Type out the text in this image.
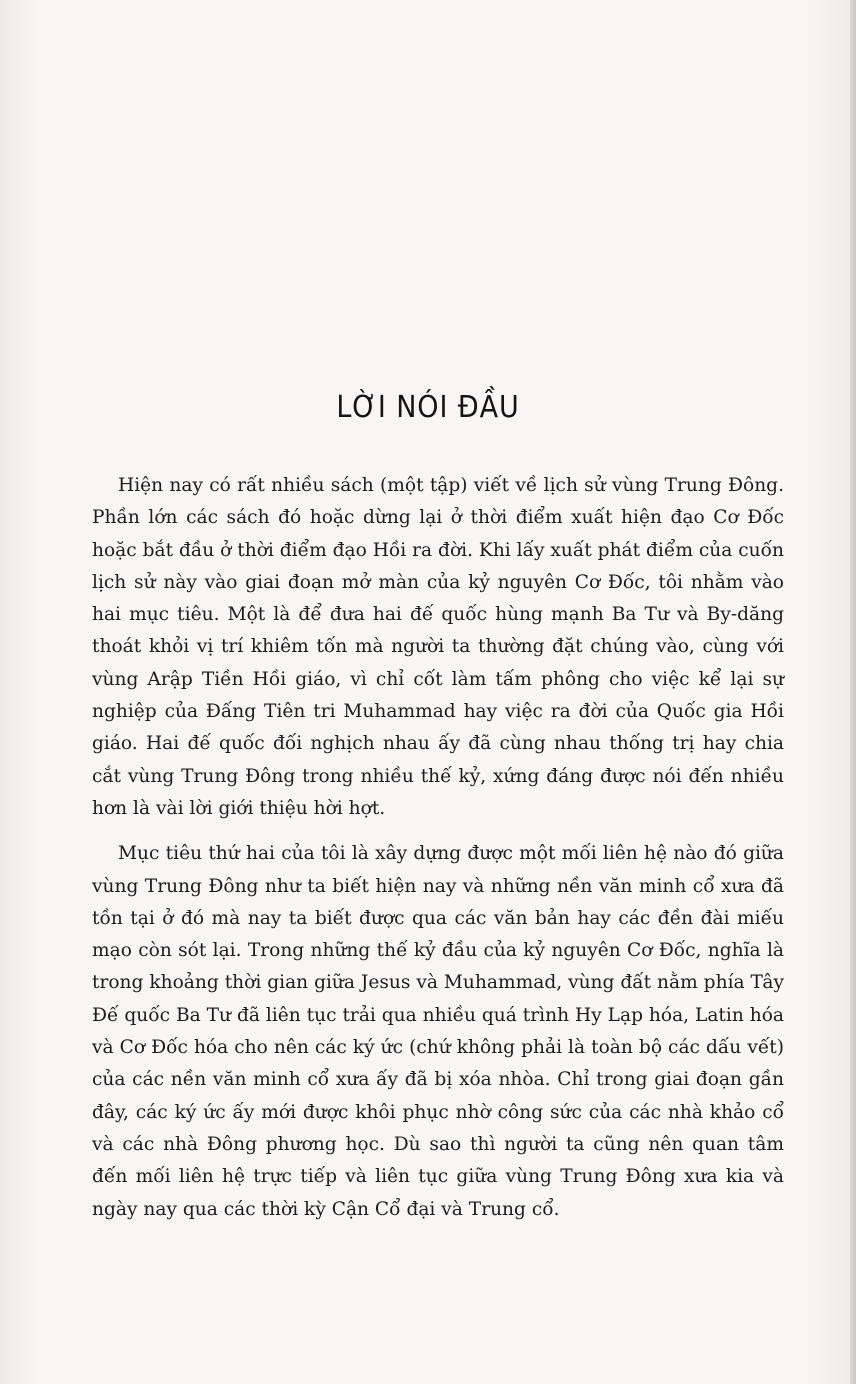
LỜI NÓI ĐẦU

Hiện nay có rất nhiều sách (một tập) viết về lịch sử vùng Trung Đông. Phần lớn các sách đó hoặc dừng lại ở thời điểm xuất hiện đạo Cơ Đốc hoặc bắt đầu ở thời điểm đạo Hồi ra đời. Khi lấy xuất phát điểm của cuốn lịch sử này vào giai đoạn mở màn của kỷ nguyên Cơ Đốc, tôi nhằm vào hai mục tiêu. Một là để đưa hai đế quốc hùng mạnh Ba Tư và By-dăng thoát khỏi vị trí khiêm tốn mà người ta thường đặt chúng vào, cùng với vùng Arập Tiền Hồi giáo, vì chỉ cốt làm tấm phông cho việc kể lại sự nghiệp của Đấng Tiên tri Muhammad hay việc ra đời của Quốc gia Hồi giáo. Hai đế quốc đối nghịch nhau ấy đã cùng nhau thống trị hay chia cắt vùng Trung Đông trong nhiều thế kỷ, xứng đáng được nói đến nhiều hơn là vài lời giới thiệu hời hợt.

Mục tiêu thứ hai của tôi là xây dựng được một mối liên hệ nào đó giữa vùng Trung Đông như ta biết hiện nay và những nền văn minh cổ xưa đã tồn tại ở đó mà nay ta biết được qua các văn bản hay các đền đài miếu mạo còn sót lại. Trong những thế kỷ đầu của kỷ nguyên Cơ Đốc, nghĩa là trong khoảng thời gian giữa Jesus và Muhammad, vùng đất nằm phía Tây Đế quốc Ba Tư đã liên tục trải qua nhiều quá trình Hy Lạp hóa, Latin hóa và Cơ Đốc hóa cho nên các ký ức (chứ không phải là toàn bộ các dấu vết) của các nền văn minh cổ xưa ấy đã bị xóa nhòa. Chỉ trong giai đoạn gần đây, các ký ức ấy mới được khôi phục nhờ công sức của các nhà khảo cổ và các nhà Đông phương học. Dù sao thì người ta cũng nên quan tâm đến mối liên hệ trực tiếp và liên tục giữa vùng Trung Đông xưa kia và ngày nay qua các thời kỳ Cận Cổ đại và Trung cổ.
